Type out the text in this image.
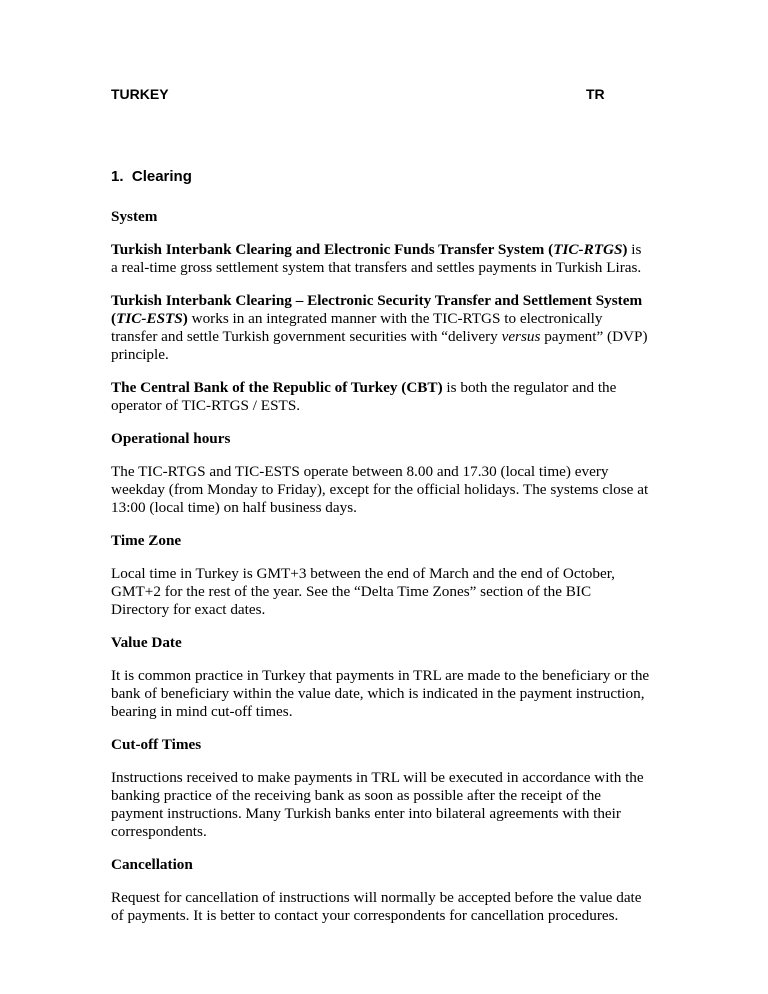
TURKEY	TR
1. Clearing
System

Turkish Interbank Clearing and Electronic Funds Transfer System (TIC-RTGS) is a real-time gross settlement system that transfers and settles payments in Turkish Liras.

Turkish Interbank Clearing – Electronic Security Transfer and Settlement System (TIC-ESTS) works in an integrated manner with the TIC-RTGS to electronically transfer and settle Turkish government securities with “delivery versus payment” (DVP) principle.

The Central Bank of the Republic of Turkey (CBT) is both the regulator and the operator of TIC-RTGS / ESTS.

Operational hours

The TIC-RTGS and TIC-ESTS operate between 8.00 and 17.30 (local time) every weekday (from Monday to Friday), except for the official holidays. The systems close at 13:00 (local time) on half business days.

Time Zone

Local time in Turkey is GMT+3 between the end of March and the end of October, GMT+2 for the rest of the year. See the “Delta Time Zones” section of the BIC Directory for exact dates.

Value Date

It is common practice in Turkey that payments in TRL are made to the beneficiary or the bank of beneficiary within the value date, which is indicated in the payment instruction, bearing in mind cut-off times.

Cut-off Times

Instructions received to make payments in TRL will be executed in accordance with the banking practice of the receiving bank as soon as possible after the receipt of the payment instructions. Many Turkish banks enter into bilateral agreements with their correspondents.

Cancellation

Request for cancellation of instructions will normally be accepted before the value date of payments. It is better to contact your correspondents for cancellation procedures.
